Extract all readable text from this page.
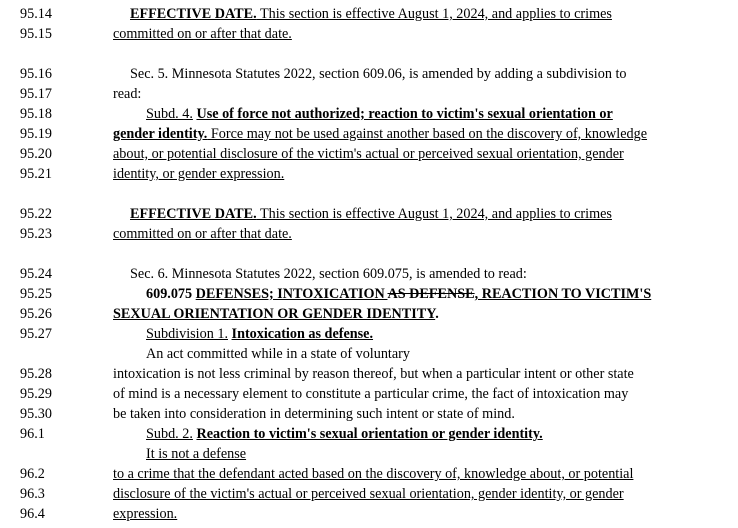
95.14	EFFECTIVE DATE. This section is effective August 1, 2024, and applies to crimes
95.15	committed on or after that date.
95.16	Sec. 5. Minnesota Statutes 2022, section 609.06, is amended by adding a subdivision to
95.17	read:
95.18	Subd. 4. Use of force not authorized; reaction to victim's sexual orientation or
95.19	gender identity. Force may not be used against another based on the discovery of, knowledge
95.20	about, or potential disclosure of the victim's actual or perceived sexual orientation, gender
95.21	identity, or gender expression.
95.22	EFFECTIVE DATE. This section is effective August 1, 2024, and applies to crimes
95.23	committed on or after that date.
95.24	Sec. 6. Minnesota Statutes 2022, section 609.075, is amended to read:
95.25	609.075 DEFENSES; INTOXICATION AS DEFENSE, REACTION TO VICTIM'S
95.26	SEXUAL ORIENTATION OR GENDER IDENTITY.
95.27	Subdivision 1. Intoxication as defense.
An act committed while in a state of voluntary
95.28	intoxication is not less criminal by reason thereof, but when a particular intent or other state
95.29	of mind is a necessary element to constitute a particular crime, the fact of intoxication may
95.30	be taken into consideration in determining such intent or state of mind.
96.1	Subd. 2. Reaction to victim's sexual orientation or gender identity.
It is not a defense
96.2	to a crime that the defendant acted based on the discovery of, knowledge about, or potential
96.3	disclosure of the victim's actual or perceived sexual orientation, gender identity, or gender
96.4	expression.
